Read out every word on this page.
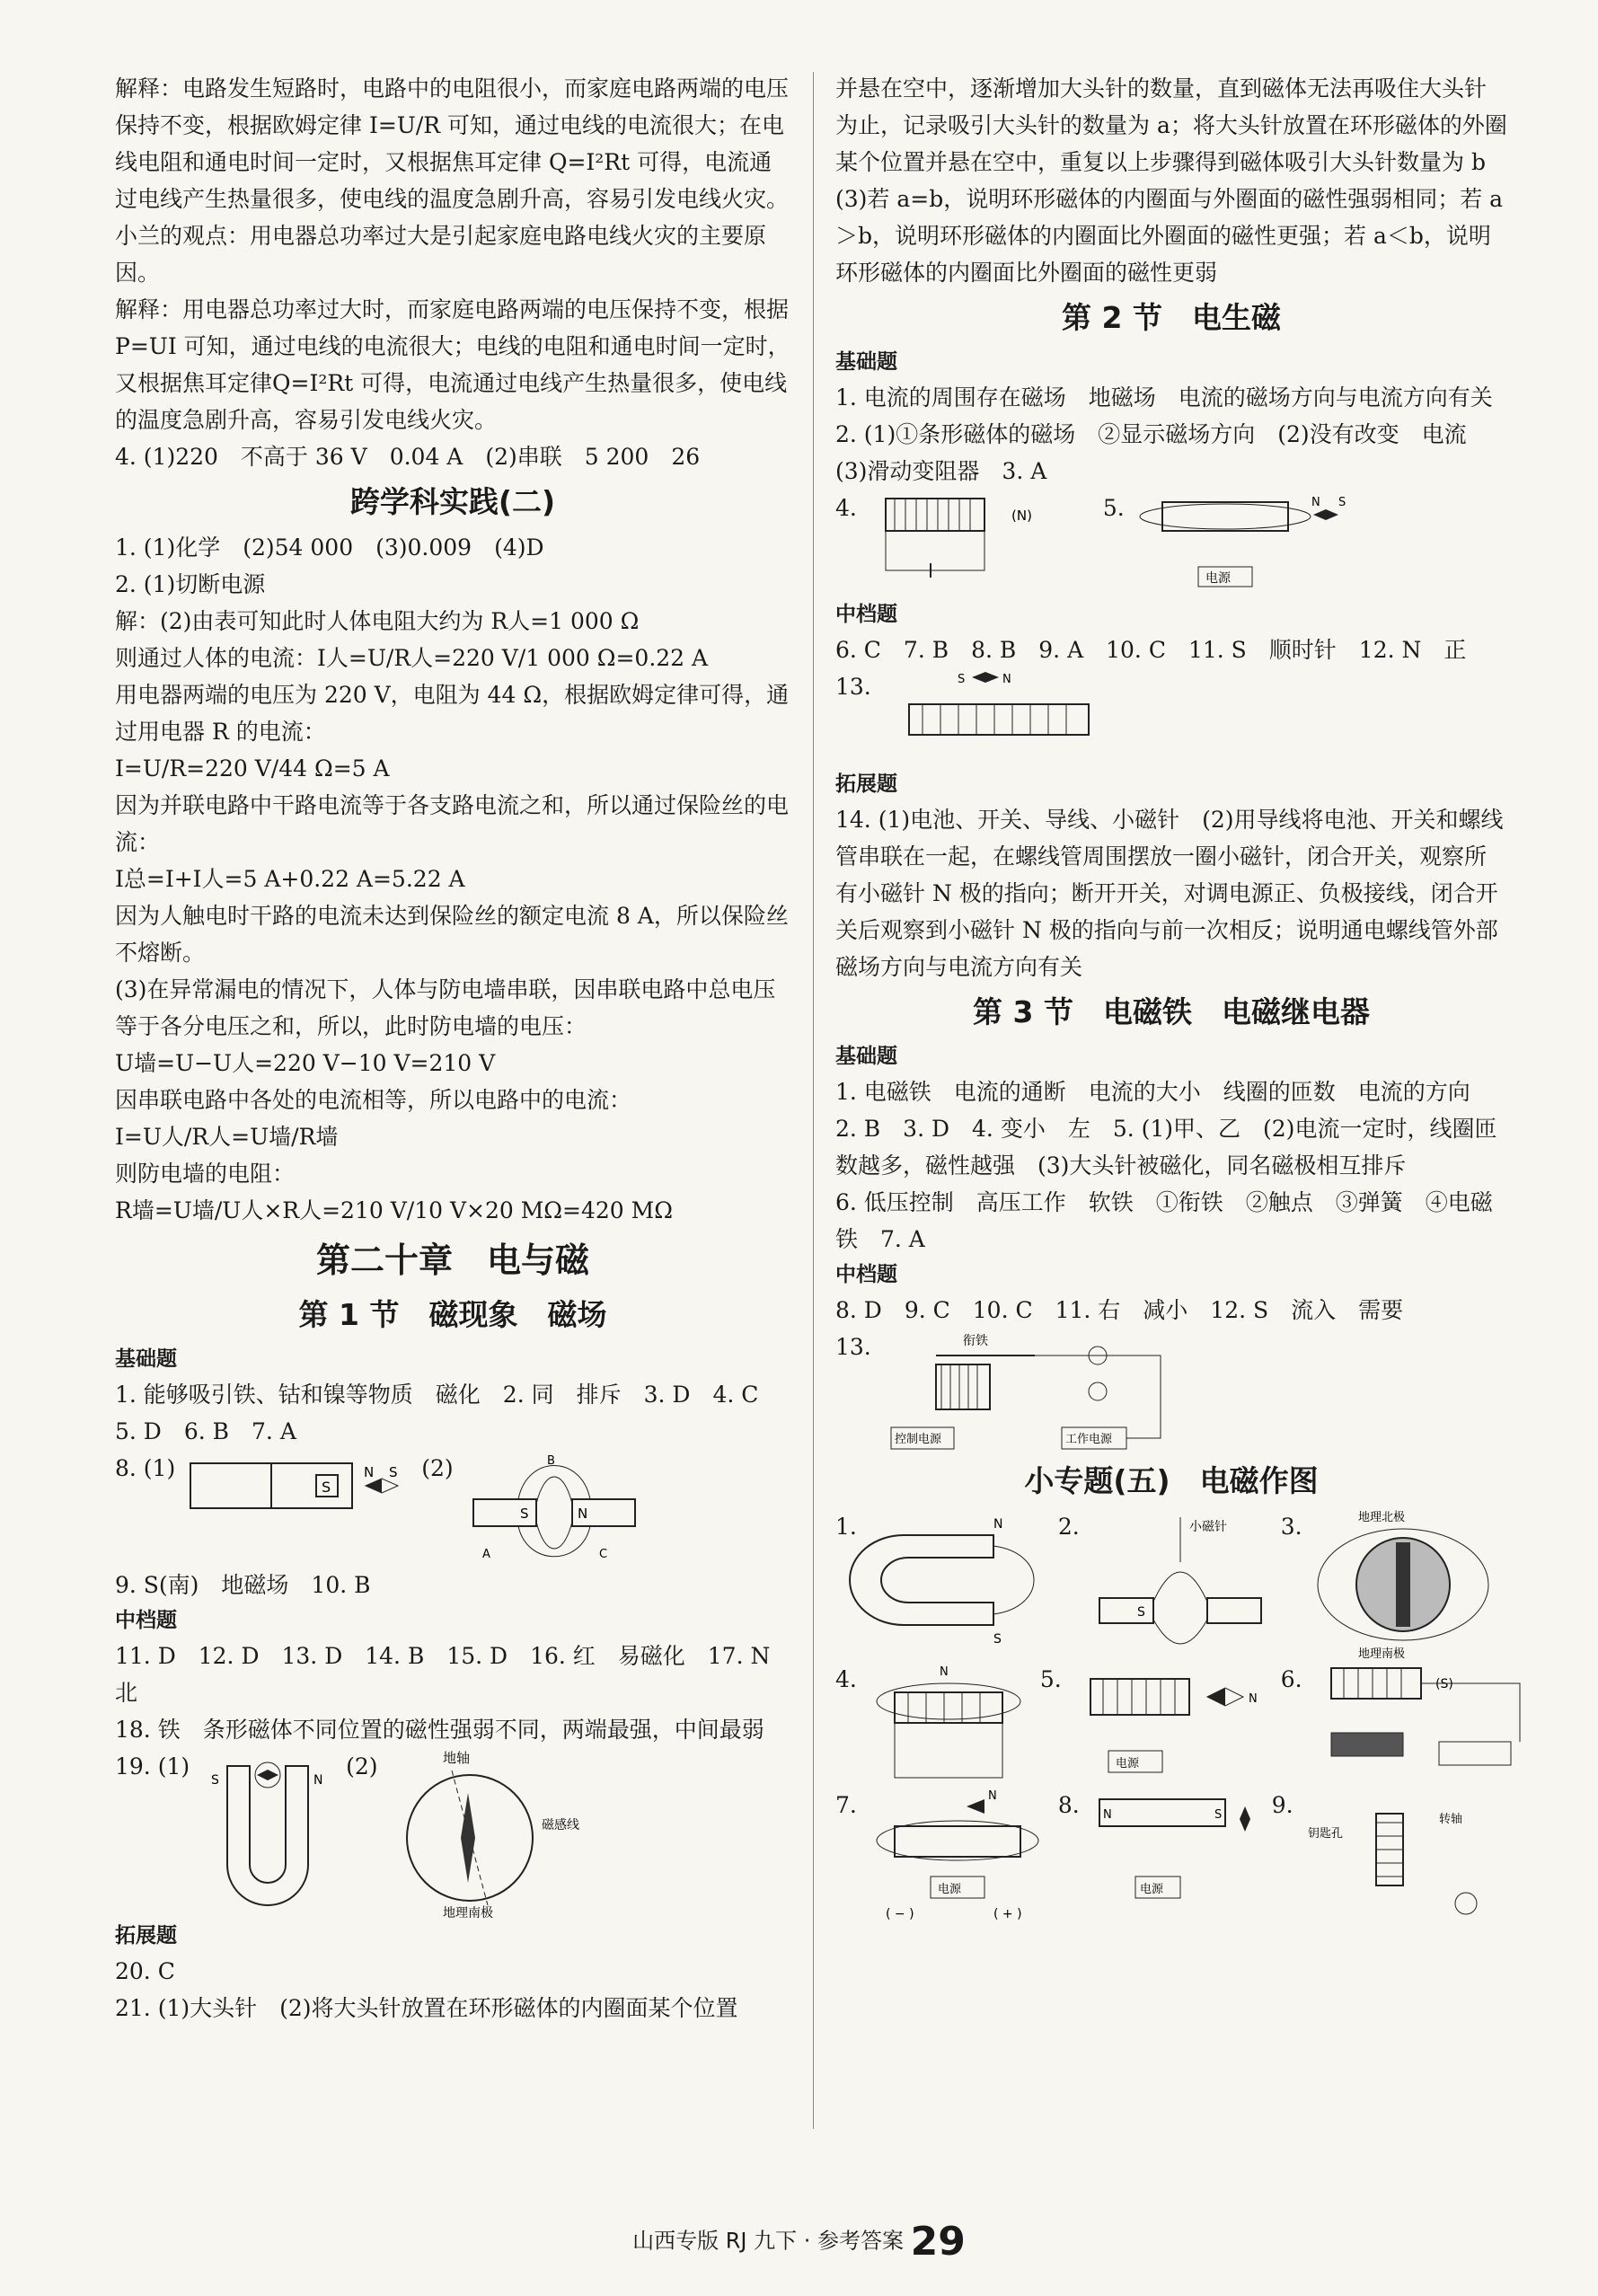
解释：电路发生短路时，电路中的电阻很小，而家庭电路两端的电压保持不变，根据欧姆定律 I=U/R 可知，通过电线的电流很大；在电线电阻和通电时间一定时，又根据焦耳定律 Q=I²Rt 可得，电流通过电线产生热量很多，使电线的温度急剧升高，容易引发电线火灾。

小兰的观点：用电器总功率过大是引起家庭电路电线火灾的主要原因。

解释：用电器总功率过大时，而家庭电路两端的电压保持不变，根据 P=UI 可知，通过电线的电流很大；电线的电阻和通电时间一定时，又根据焦耳定律Q=I²Rt 可得，电流通过电线产生热量很多，使电线的温度急剧升高，容易引发电线火灾。

4. (1)220　不高于 36 V　0.04 A　(2)串联　5 200　26

跨学科实践(二)

1. (1)化学　(2)54 000　(3)0.009　(4)D

2. (1)切断电源

解：(2)由表可知此时人体电阻大约为 R人=1 000 Ω

则通过人体的电流：I人=U/R人=220 V/1 000 Ω=0.22 A

用电器两端的电压为 220 V，电阻为 44 Ω，根据欧姆定律可得，通过用电器 R 的电流：

I=U/R=220 V/44 Ω=5 A

因为并联电路中干路电流等于各支路电流之和，所以通过保险丝的电流：

I总=I+I人=5 A+0.22 A=5.22 A

因为人触电时干路的电流未达到保险丝的额定电流 8 A，所以保险丝不熔断。

(3)在异常漏电的情况下，人体与防电墙串联，因串联电路中总电压等于各分电压之和，所以，此时防电墙的电压：

U墙=U−U人=220 V−10 V=210 V

因串联电路中各处的电流相等，所以电路中的电流：

I=U人/R人=U墙/R墙

则防电墙的电阻：

R墙=U墙/U人×R人=210 V/10 V×20 MΩ=420 MΩ

第二十章　电与磁
第 1 节　磁现象　磁场
基础题

1. 能够吸引铁、钴和镍等物质　磁化　2. 同　排斥　3. D　4. C

5. D　6. B　7. A

8. (1)
S
N S (2)
S	N
B
A	C

9. S(南)　地磁场　10. B

中档题

11. D　12. D　13. D　14. B　15. D　16. 红　易磁化　17. N　北

18. 铁　条形磁体不同位置的磁性强弱不同，两端最强，中间最弱

19. (1)
S	N
(2)	地轴
磁感线
地理南极
拓展题

20. C

21. (1)大头针　(2)将大头针放置在环形磁体的内圈面某个位置

并悬在空中，逐渐增加大头针的数量，直到磁体无法再吸住大头针为止，记录吸引大头针的数量为 a；将大头针放置在环形磁体的外圈某个位置并悬在空中，重复以上步骤得到磁体吸引大头针数量为 b　(3)若 a=b，说明环形磁体的内圈面与外圈面的磁性强弱相同；若 a＞b，说明环形磁体的内圈面比外圈面的磁性更强；若 a＜b，说明环形磁体的内圈面比外圈面的磁性更弱

第 2 节　电生磁
基础题

1. 电流的周围存在磁场　地磁场　电流的磁场方向与电流方向有关　2. (1)①条形磁体的磁场　②显示磁场方向　(2)没有改变　电流　(3)滑动变阻器　3. A

4.	(N)	5.	N S
电源
中档题

6. C　7. B　8. B　9. A　10. C　11. S　顺时针　12. N　正

13.	S	N
拓展题

14. (1)电池、开关、导线、小磁针　(2)用导线将电池、开关和螺线管串联在一起，在螺线管周围摆放一圈小磁针，闭合开关，观察所有小磁针 N 极的指向；断开开关，对调电源正、负极接线，闭合开关后观察到小磁针 N 极的指向与前一次相反；说明通电螺线管外部磁场方向与电流方向有关

第 3 节　电磁铁　电磁继电器
基础题

1. 电磁铁　电流的通断　电流的大小　线圈的匝数　电流的方向　2. B　3. D　4. 变小　左　5. (1)甲、乙　(2)电流一定时，线圈匝数越多，磁性越强　(3)大头针被磁化，同名磁极相互排斥

6. 低压控制　高压工作　软铁　①衔铁　②触点　③弹簧　④电磁铁　7. A

中档题

8. D　9. C　10. C　11. 右　减小　12. S　流入　需要

13.	衔铁
控制电源	工作电源
小专题(五)　电磁作图
1.	N
S
2.	小磁针
S
3.	地理北极
地理南极
4.	N	5.
N
电源
6.	(S)
7.	N
电源
( − )	( + )
8. N	S
电源
9.
钥匙孔
转轴
山西专版 RJ 九下 · 参考答案 29
